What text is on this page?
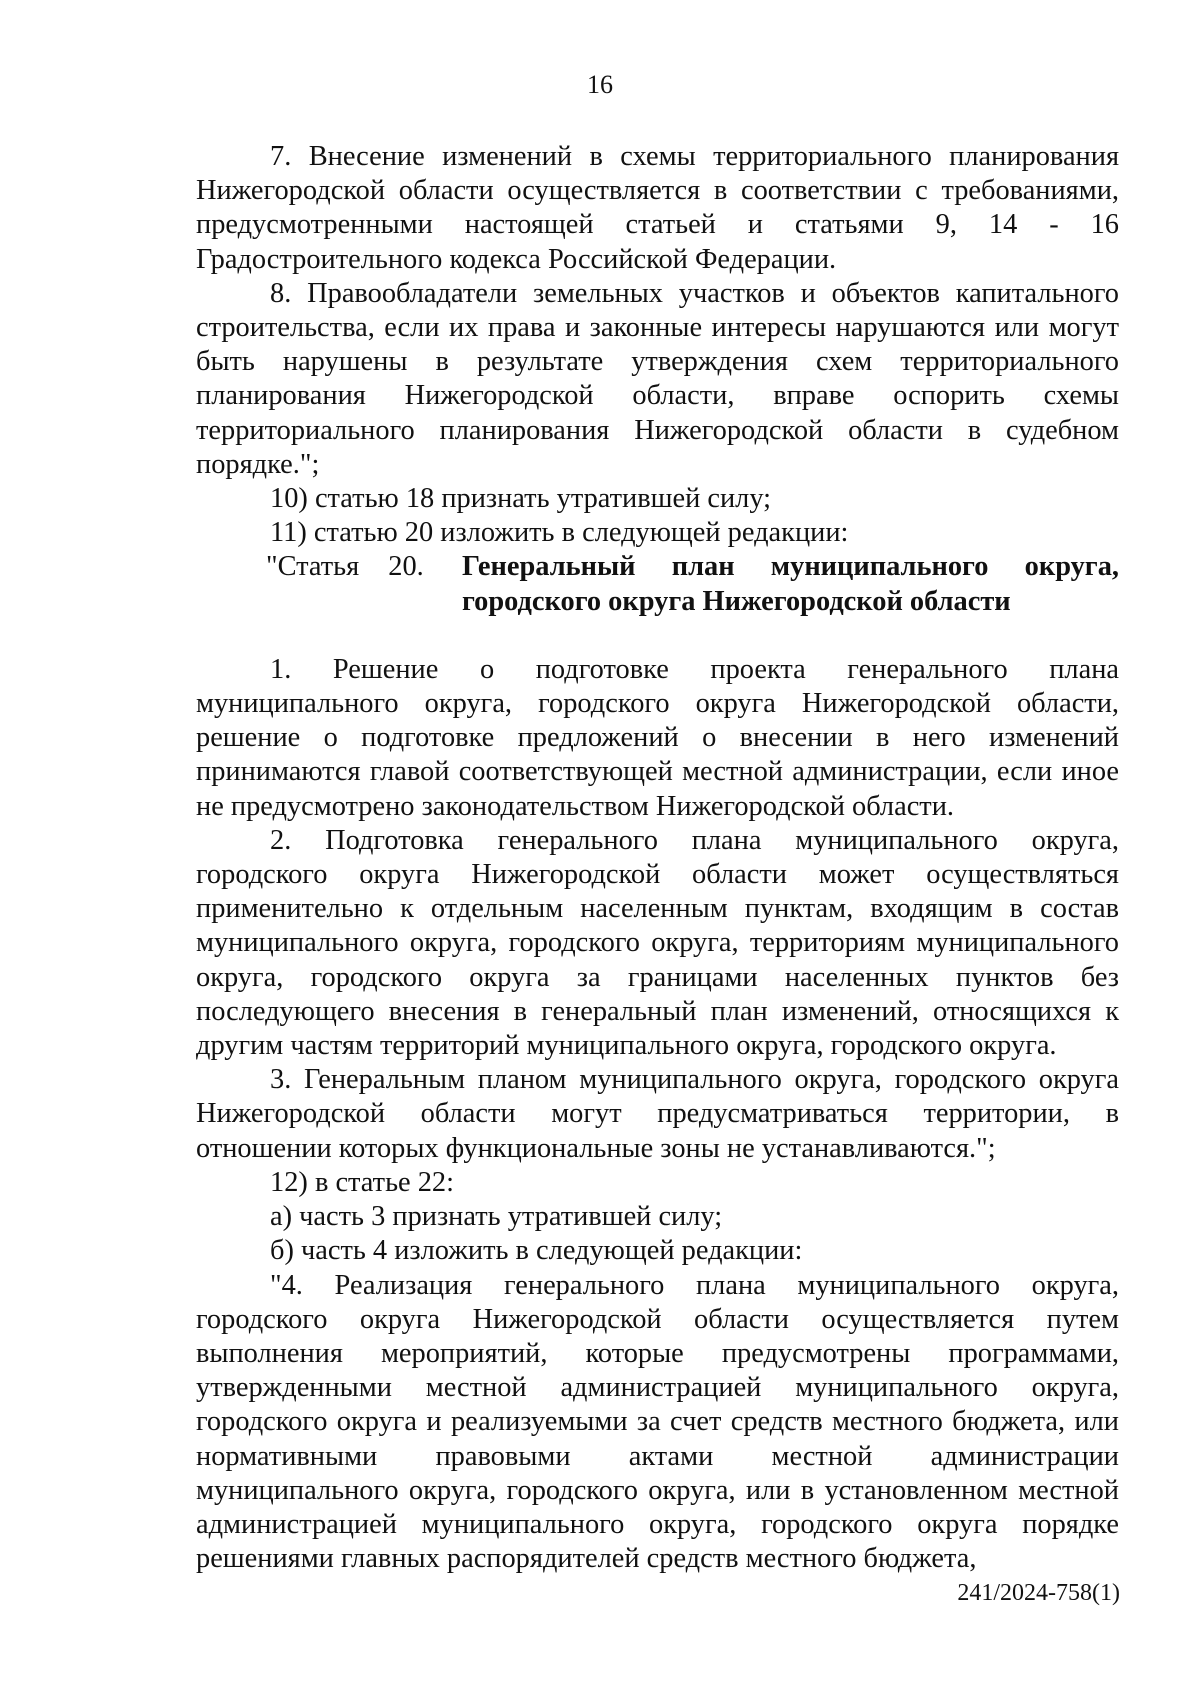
16

7. Внесение изменений в схемы территориального планирования Нижегородской области осуществляется в соответствии с требованиями, предусмотренными настоящей статьей и статьями 9, 14 - 16 Градостроительного кодекса Российской Федерации.

8. Правообладатели земельных участков и объектов капитального строительства, если их права и законные интересы нарушаются или могут быть нарушены в результате утверждения схем территориального планирования Нижегородской области, вправе оспорить схемы территориального планирования Нижегородской области в судебном порядке.";

10) статью 18 признать утратившей силу;

11) статью 20 изложить в следующей редакции:

"Статья 20.	Генеральный план муниципального округа, городского округа Нижегородской области

1. Решение о подготовке проекта генерального плана муниципального округа, городского округа Нижегородской области, решение о подготовке предложений о внесении в него изменений принимаются главой соответствующей местной администрации, если иное не предусмотрено законодательством Нижегородской области.

2. Подготовка генерального плана муниципального округа, городского округа Нижегородской области может осуществляться применительно к отдельным населенным пунктам, входящим в состав муниципального округа, городского округа, территориям муниципального округа, городского округа за границами населенных пунктов без последующего внесения в генеральный план изменений, относящихся к другим частям территорий муниципального округа, городского округа.

3. Генеральным планом муниципального округа, городского округа Нижегородской области могут предусматриваться территории, в отношении которых функциональные зоны не устанавливаются.";

12) в статье 22:

а) часть 3 признать утратившей силу;

б) часть 4 изложить в следующей редакции:

"4. Реализация генерального плана муниципального округа, городского округа Нижегородской области осуществляется путем выполнения мероприятий, которые предусмотрены программами, утвержденными местной администрацией муниципального округа, городского округа и реализуемыми за счет средств местного бюджета, или нормативными правовыми актами местной администрации муниципального округа, городского округа, или в установленном местной администрацией муниципального округа, городского округа порядке решениями главных распорядителей средств местного бюджета,

241/2024-758(1)
